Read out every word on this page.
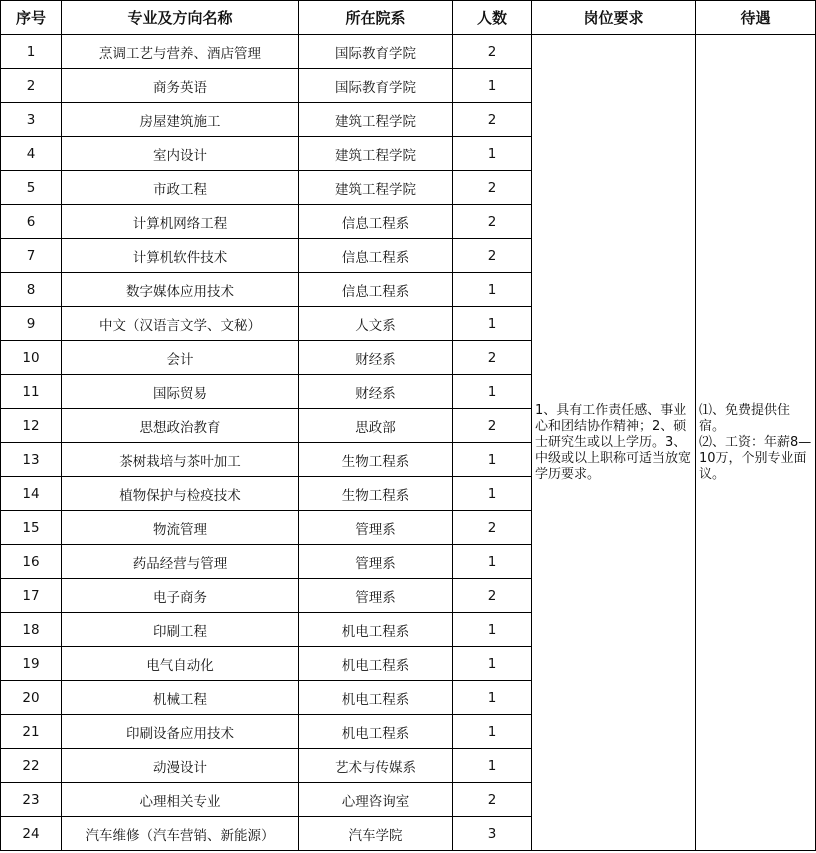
序号	专业及方向名称	所在院系	人数	岗位要求	待遇
1	烹调工艺与营养、酒店管理	国际教育学院	2	1、具有工作责任感、事业心和团结协作精神；2、硕士研究生或以上学历。3、中级或以上职称可适当放宽学历要求。	⑴、免费提供住宿。
⑵、工资：年薪8—10万，个别专业面议。

2	商务英语	国际教育学院	1		
3	房屋建筑施工	建筑工程学院	2		
4	室内设计	建筑工程学院	1		
5	市政工程	建筑工程学院	2		
6	计算机网络工程	信息工程系	2		
7	计算机软件技术	信息工程系	2		
8	数字媒体应用技术	信息工程系	1		
9	中文（汉语言文学、文秘）	人文系	1		
10	会计	财经系	2		
11	国际贸易	财经系	1		
12	思想政治教育	思政部	2		
13	茶树栽培与茶叶加工	生物工程系	1		
14	植物保护与检疫技术	生物工程系	1		
15	物流管理	管理系	2		
16	药品经营与管理	管理系	1		
17	电子商务	管理系	2		
18	印刷工程	机电工程系	1		
19	电气自动化	机电工程系	1		
20	机械工程	机电工程系	1		
21	印刷设备应用技术	机电工程系	1		
22	动漫设计	艺术与传媒系	1		
23	心理相关专业	心理咨询室	2		
24	汽车维修（汽车营销、新能源）	汽车学院	3		
